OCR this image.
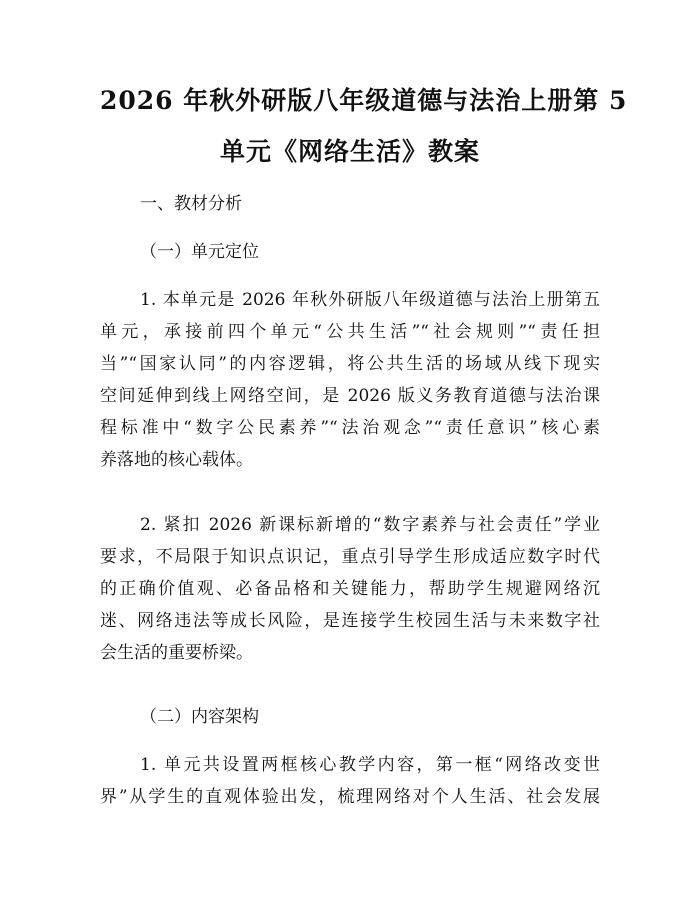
2026 年秋外研版八年级道德与法治上册第 5
单元《网络生活》教案
一、教材分析
（一）单元定位
1. 本单元是 2026 年秋外研版八年级道德与法治上册第五
单元，承接前四个单元“公共生活”“社会规则”“责任担
当”“国家认同”的内容逻辑，将公共生活的场域从线下现实
空间延伸到线上网络空间，是 2026 版义务教育道德与法治课
程标准中“数字公民素养”“法治观念”“责任意识”核心素
养落地的核心载体。
2. 紧扣 2026 新课标新增的“数字素养与社会责任”学业
要求，不局限于知识点识记，重点引导学生形成适应数字时代
的正确价值观、必备品格和关键能力，帮助学生规避网络沉
迷、网络违法等成长风险，是连接学生校园生活与未来数字社
会生活的重要桥梁。
（二）内容架构
1. 单元共设置两框核心教学内容，第一框“网络改变世
界”从学生的直观体验出发，梳理网络对个人生活、社会发展
